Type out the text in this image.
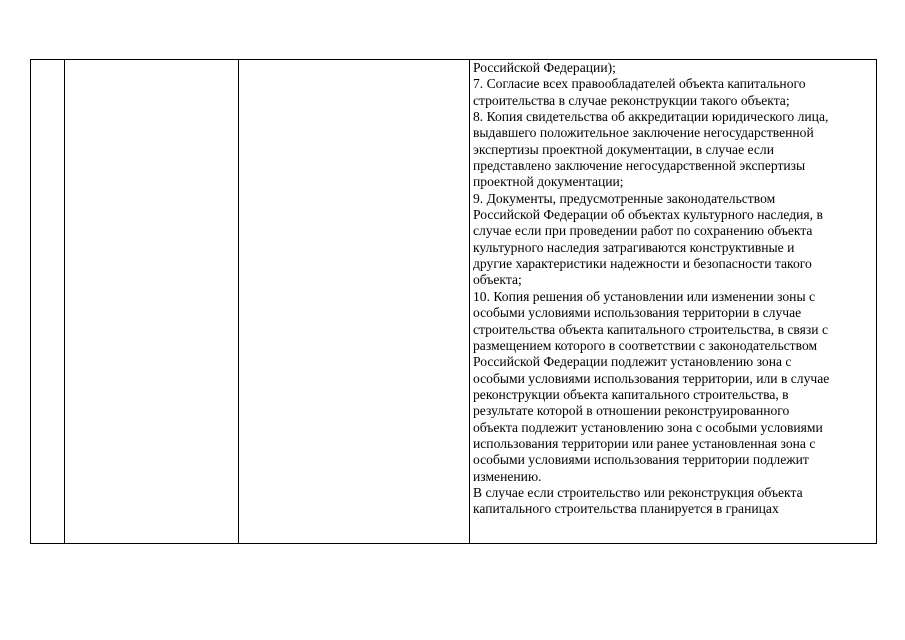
Российской Федерации);
7. Согласие всех правообладателей объекта капитального
строительства в случае реконструкции такого объекта;
8. Копия свидетельства об аккредитации юридического лица,
выдавшего положительное заключение негосударственной
экспертизы проектной документации, в случае если
представлено заключение негосударственной экспертизы
проектной документации;
9. Документы, предусмотренные законодательством
Российской Федерации об объектах культурного наследия, в
случае если при проведении работ по сохранению объекта
культурного наследия затрагиваются конструктивные и
другие характеристики надежности и безопасности такого
объекта;
10. Копия решения об установлении или изменении зоны с
особыми условиями использования территории в случае
строительства объекта капитального строительства, в связи с
размещением которого в соответствии с законодательством
Российской Федерации подлежит установлению зона с
особыми условиями использования территории, или в случае
реконструкции объекта капитального строительства, в
результате которой в отношении реконструированного
объекта подлежит установлению зона с особыми условиями
использования территории или ранее установленная зона с
особыми условиями использования территории подлежит
изменению.
В случае если строительство или реконструкция объекта
капитального строительства планируется в границах
